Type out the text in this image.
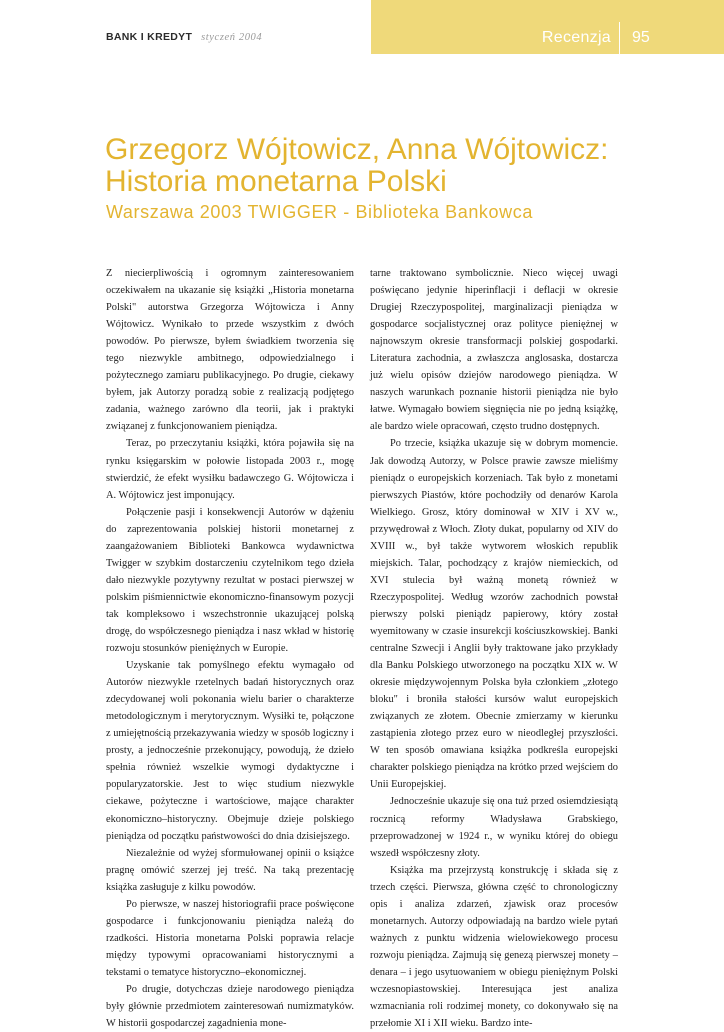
BANK I KREDYT styczeń 2004	Recenzja 95
Grzegorz Wójtowicz, Anna Wójtowicz: Historia monetarna Polski
Warszawa 2003 TWIGGER - Biblioteka Bankowca

Z niecierpliwością i ogromnym zainteresowaniem oczekiwałem na ukazanie się książki „Historia monetarna Polski" autorstwa Grzegorza Wójtowicza i Anny Wójtowicz. Wynikało to przede wszystkim z dwóch powodów. Po pierwsze, byłem świadkiem tworzenia się tego niezwykle ambitnego, odpowiedzialnego i pożytecznego zamiaru publikacyjnego. Po drugie, ciekawy byłem, jak Autorzy poradzą sobie z realizacją podjętego zadania, ważnego zarówno dla teorii, jak i praktyki związanej z funkcjonowaniem pieniądza.

Teraz, po przeczytaniu książki, która pojawiła się na rynku księgarskim w połowie listopada 2003 r., mogę stwierdzić, że efekt wysiłku badawczego G. Wójtowicza i A. Wójtowicz jest imponujący.

Połączenie pasji i konsekwencji Autorów w dążeniu do zaprezentowania polskiej historii monetarnej z zaangażowaniem Biblioteki Bankowca wydawnictwa Twigger w szybkim dostarczeniu czytelnikom tego dzieła dało niezwykle pozytywny rezultat w postaci pierwszej w polskim piśmiennictwie ekonomiczno-finansowym pozycji tak kompleksowo i wszechstronnie ukazującej polską drogę, do współczesnego pieniądza i nasz wkład w historię rozwoju stosunków pieniężnych w Europie.

Uzyskanie tak pomyślnego efektu wymagało od Autorów niezwykle rzetelnych badań historycznych oraz zdecydowanej woli pokonania wielu barier o charakterze metodologicznym i merytorycznym. Wysiłki te, połączone z umiejętnością przekazywania wiedzy w sposób logiczny i prosty, a jednocześnie przekonujący, powodują, że dzieło spełnia również wszelkie wymogi dydaktyczne i popularyzatorskie. Jest to więc studium niezwykle ciekawe, pożyteczne i wartościowe, mające charakter ekonomiczno–historyczny. Obejmuje dzieje polskiego pieniądza od początku państwowości do dnia dzisiejszego.

Niezależnie od wyżej sformułowanej opinii o książce pragnę omówić szerzej jej treść. Na taką prezentację książka zasługuje z kilku powodów.

Po pierwsze, w naszej historiografii prace poświęcone gospodarce i funkcjonowaniu pieniądza należą do rzadkości. Historia monetarna Polski poprawia relacje między typowymi opracowaniami historycznymi a tekstami o tematyce historyczno–ekonomicznej.

Po drugie, dotychczas dzieje narodowego pieniądza były głównie przedmiotem zainteresowań numizmatyków. W historii gospodarczej zagadnienia mone-

tarne traktowano symbolicznie. Nieco więcej uwagi poświęcano jedynie hiperinflacji i deflacji w okresie Drugiej Rzeczypospolitej, marginalizacji pieniądza w gospodarce socjalistycznej oraz polityce pieniężnej w najnowszym okresie transformacji polskiej gospodarki. Literatura zachodnia, a zwłaszcza anglosaska, dostarcza już wielu opisów dziejów narodowego pieniądza. W naszych warunkach poznanie historii pieniądza nie było łatwe. Wymagało bowiem sięgnięcia nie po jedną książkę, ale bardzo wiele opracowań, często trudno dostępnych.

Po trzecie, książka ukazuje się w dobrym momencie. Jak dowodzą Autorzy, w Polsce prawie zawsze mieliśmy pieniądz o europejskich korzeniach. Tak było z monetami pierwszych Piastów, które pochodziły od denarów Karola Wielkiego. Grosz, który dominował w XIV i XV w., przywędrował z Włoch. Złoty dukat, popularny od XIV do XVIII w., był także wytworem włoskich republik miejskich. Talar, pochodzący z krajów niemieckich, od XVI stulecia był ważną monetą również w Rzeczypospolitej. Według wzorów zachodnich powstał pierwszy polski pieniądz papierowy, który został wyemitowany w czasie insurekcji kościuszkowskiej. Banki centralne Szwecji i Anglii były traktowane jako przykłady dla Banku Polskiego utworzonego na początku XIX w. W okresie międzywojennym Polska była członkiem „złotego bloku" i broniła stałości kursów walut europejskich związanych ze złotem. Obecnie zmierzamy w kierunku zastąpienia złotego przez euro w nieodległej przyszłości. W ten sposób omawiana książka podkreśla europejski charakter polskiego pieniądza na krótko przed wejściem do Unii Europejskiej.

Jednocześnie ukazuje się ona tuż przed osiemdziesiątą rocznicą reformy Władysława Grabskiego, przeprowadzonej w 1924 r., w wyniku której do obiegu wszedł współczesny złoty.

Książka ma przejrzystą konstrukcję i składa się z trzech części. Pierwsza, główna część to chronologiczny opis i analiza zdarzeń, zjawisk oraz procesów monetarnych. Autorzy odpowiadają na bardzo wiele pytań ważnych z punktu widzenia wielowiekowego procesu rozwoju pieniądza. Zajmują się genezą pierwszej monety – denara – i jego usytuowaniem w obiegu pieniężnym Polski wczesnopiastowskiej. Interesująca jest analiza wzmacniania roli rodzimej monety, co dokonywało się na przełomie XI i XII wieku. Bardzo inte-
